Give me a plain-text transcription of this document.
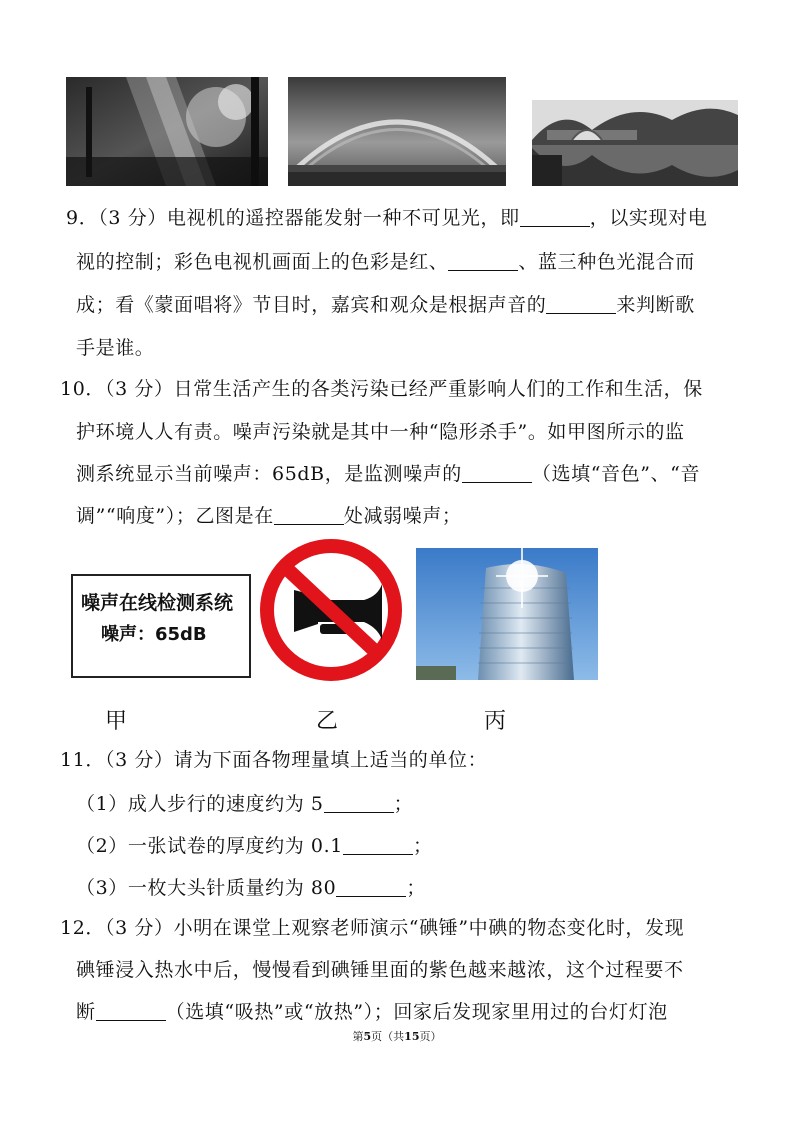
9．（3 分）电视机的遥控器能发射一种不可见光，即	，以实现对电
视的控制；彩色电视机画面上的色彩是红、	、蓝三种色光混合而
成；看《蒙面唱将》节目时，嘉宾和观众是根据声音的	来判断歌
手是谁。
10．（3 分）日常生活产生的各类污染已经严重影响人们的工作和生活，保
护环境人人有责。噪声污染就是其中一种“隐形杀手”。如甲图所示的监
测系统显示当前噪声：65dB，是监测噪声的	（选填“音色”、“音
调”“响度”）；乙图是在	处减弱噪声；
噪声在线检测系统
噪声：65dB
甲	乙	丙
11．（3 分）请为下面各物理量填上适当的单位：
（1）成人步行的速度约为 5	；
（2）一张试卷的厚度约为 0.1	；
（3）一枚大头针质量约为 80	；
12．（3 分）小明在课堂上观察老师演示“碘锤”中碘的物态变化时，发现
碘锤浸入热水中后，慢慢看到碘锤里面的紫色越来越浓，这个过程要不
断	（选填“吸热”或“放热”）；回家后发现家里用过的台灯灯泡
第5页（共15页）
